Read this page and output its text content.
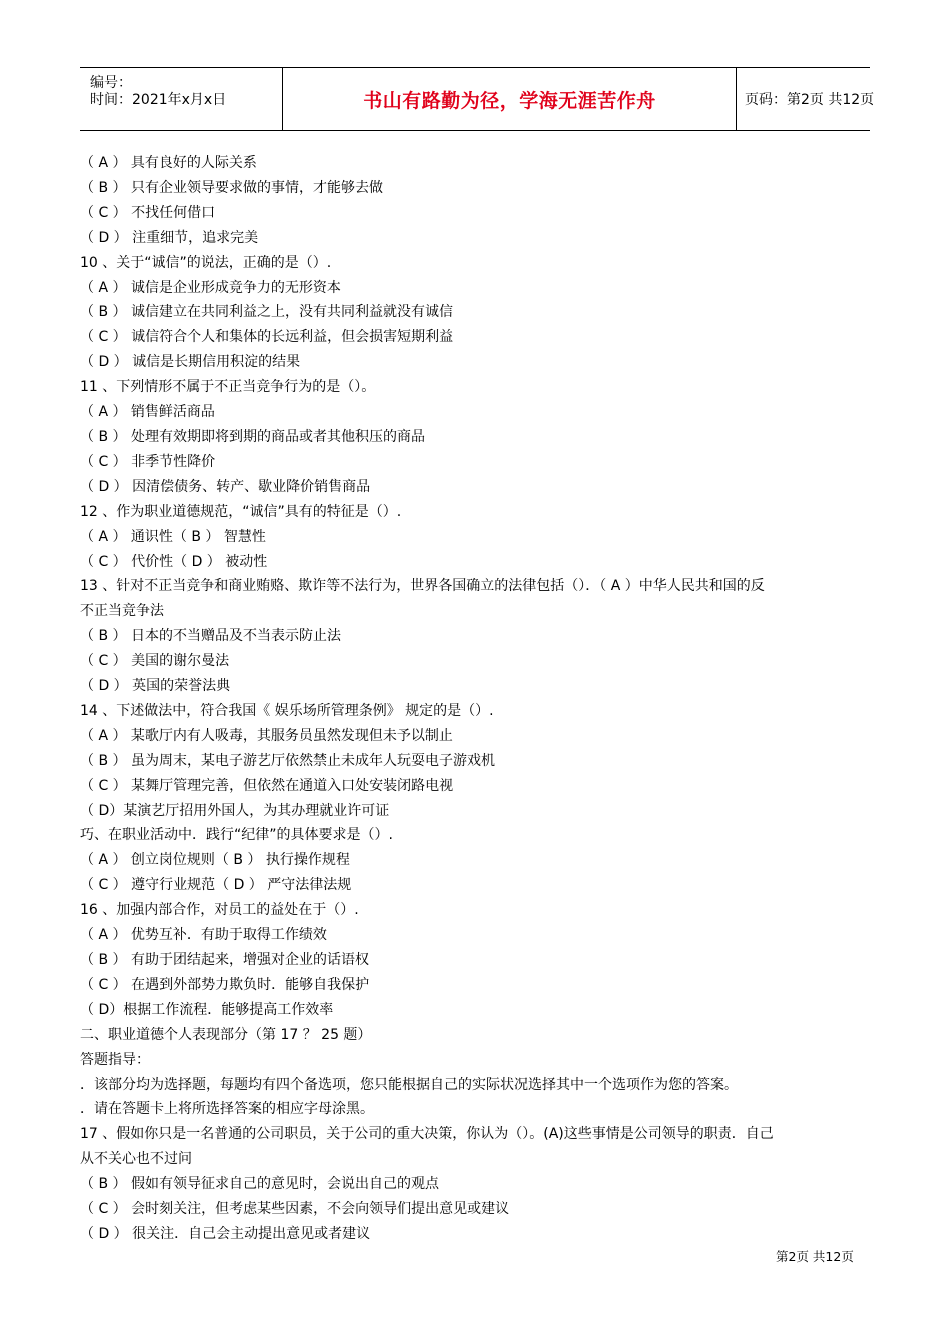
编号：
时间：2021年x月x日	书山有路勤为径，学海无涯苦作舟	页码：第2页 共12页
（ A ） 具有良好的人际关系
（ B ） 只有企业领导要求做的事情，才能够去做
（ C ） 不找任何借口
（ D ） 注重细节，追求完美
10 、关于“诚信”的说法，正确的是（）.
（ A ） 诚信是企业形成竞争力的无形资本
（ B ） 诚信建立在共同利益之上，没有共同利益就没有诚信
（ C ） 诚信符合个人和集体的长远利益，但会损害短期利益
（ D ） 诚信是长期信用积淀的结果
11 、下列情形不属于不正当竞争行为的是（）。
（ A ） 销售鲜活商品
（ B ） 处理有效期即将到期的商品或者其他积压的商品
（ C ） 非季节性降价
（ D ） 因清偿债务、转产、歇业降价销售商品
12 、作为职业道德规范，“诚信”具有的特征是（）.
（ A ） 通识性（ B ） 智慧性
（ C ） 代价性（ D ） 被动性
13 、针对不正当竞争和商业贿赂、欺诈等不法行为，世界各国确立的法律包括（）．（ A ）中华人民共和国的反
不正当竞争法
（ B ） 日本的不当赠品及不当表示防止法
（ C ） 美国的谢尔曼法
（ D ） 英国的荣誉法典
14 、下述做法中，符合我国《 娱乐场所管理条例》 规定的是（）.
（ A ） 某歌厅内有人吸毒，其服务员虽然发现但未予以制止
（ B ） 虽为周末，某电子游艺厅依然禁止未成年人玩耍电子游戏机
（ C ） 某舞厅管理完善，但依然在通道入口处安装闭路电视
（ D）某演艺厅招用外国人，为其办理就业许可证
巧、在职业活动中．践行“纪律”的具体要求是（）.
（ A ） 创立岗位规则（ B ） 执行操作规程
（ C ） 遵守行业规范（ D ） 严守法律法规
16 、加强内部合作，对员工的益处在于（）.
（ A ） 优势互补．有助于取得工作绩效
（ B ） 有助于团结起来，增强对企业的话语权
（ C ） 在遇到外部势力欺负时．能够自我保护
（ D）根据工作流程．能够提高工作效率
二、职业道德个人表现部分（第 17 ？ 25 题）
答题指导：
．该部分均为选择题，每题均有四个备选项，您只能根据自己的实际状况选择其中一个选项作为您的答案。
．请在答题卡上将所选择答案的相应字母涂黑。
17 、假如你只是一名普通的公司职员，关于公司的重大决策，你认为（）。(A)这些事情是公司领导的职责．自己
从不关心也不过问
（ B ） 假如有领导征求自己的意见时，会说出自己的观点
（ C ） 会时刻关注，但考虑某些因素，不会向领导们提出意见或建议
（ D ） 很关注．自己会主动提出意见或者建议
第2页 共12页
